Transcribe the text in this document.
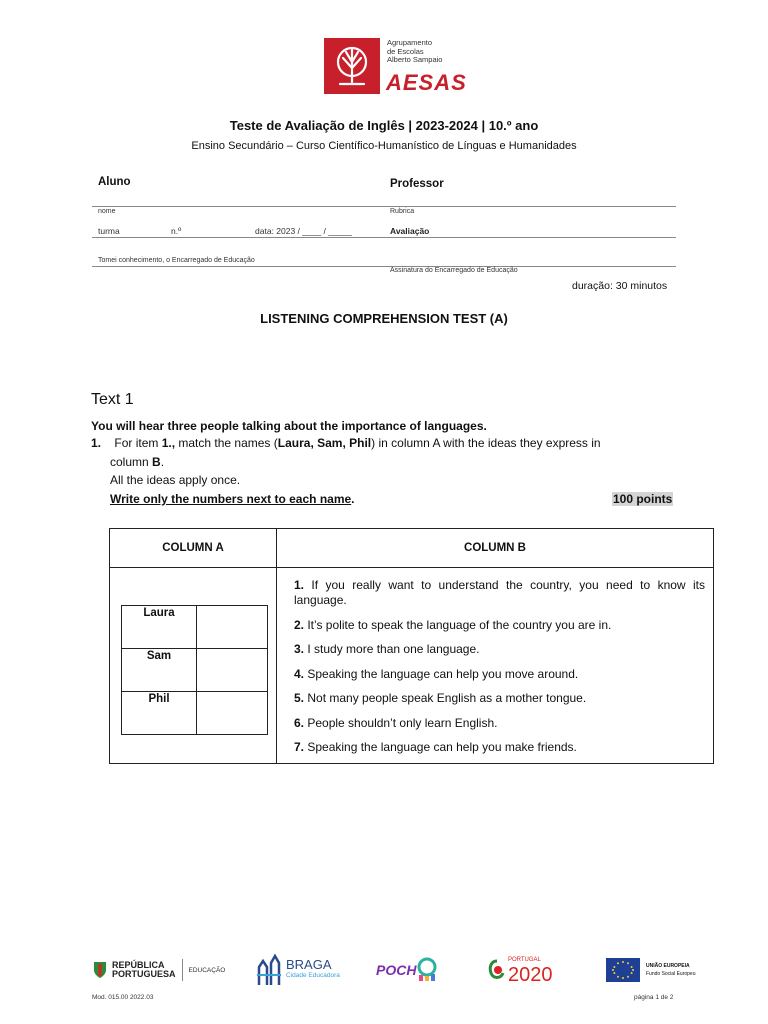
Agrupamento
de Escolas
Alberto Sampaio
AESAS
Teste de Avaliação de Inglês | 2023-2024 | 10.º ano
Ensino Secundário – Curso Científico-Humanístico de Línguas e Humanidades
Aluno	Professor
nome	Rubrica
turma	n.º	data: 2023 / ____ / _____	Avaliação
Tomei conhecimento, o Encarregado de Educação
Assinatura do Encarregado de Educação
duração: 30 minutos
LISTENING COMPREHENSION TEST (A)
Text 1
You will hear three people talking about the importance of languages.
1. For item 1., match the names (Laura, Sam, Phil) in column A with the ideas they express in
column B.
All the ideas apply once.
Write only the numbers next to each name.	100 points
COLUMN A	COLUMN B

Laura	
Sam	
Phil	

1. If you really want to understand the country, you need to know its language.

2. It’s polite to speak the language of the country you are in.

3. I study more than one language.

4. Speaking the language can help you move around.

5. Not many people speak English as a mother tongue.

6. People shouldn’t only learn English.

7. Speaking the language can help you make friends.

REPÚBLICA
PORTUGUESA EDUCAÇÃO	BRAGA
Cidade Educadora	POCH
PORTUGAL
2020	UNIÃO EUROPEIA
Fundo Social Europeu
Mod. 015.00 2022.03	página 1 de 2
